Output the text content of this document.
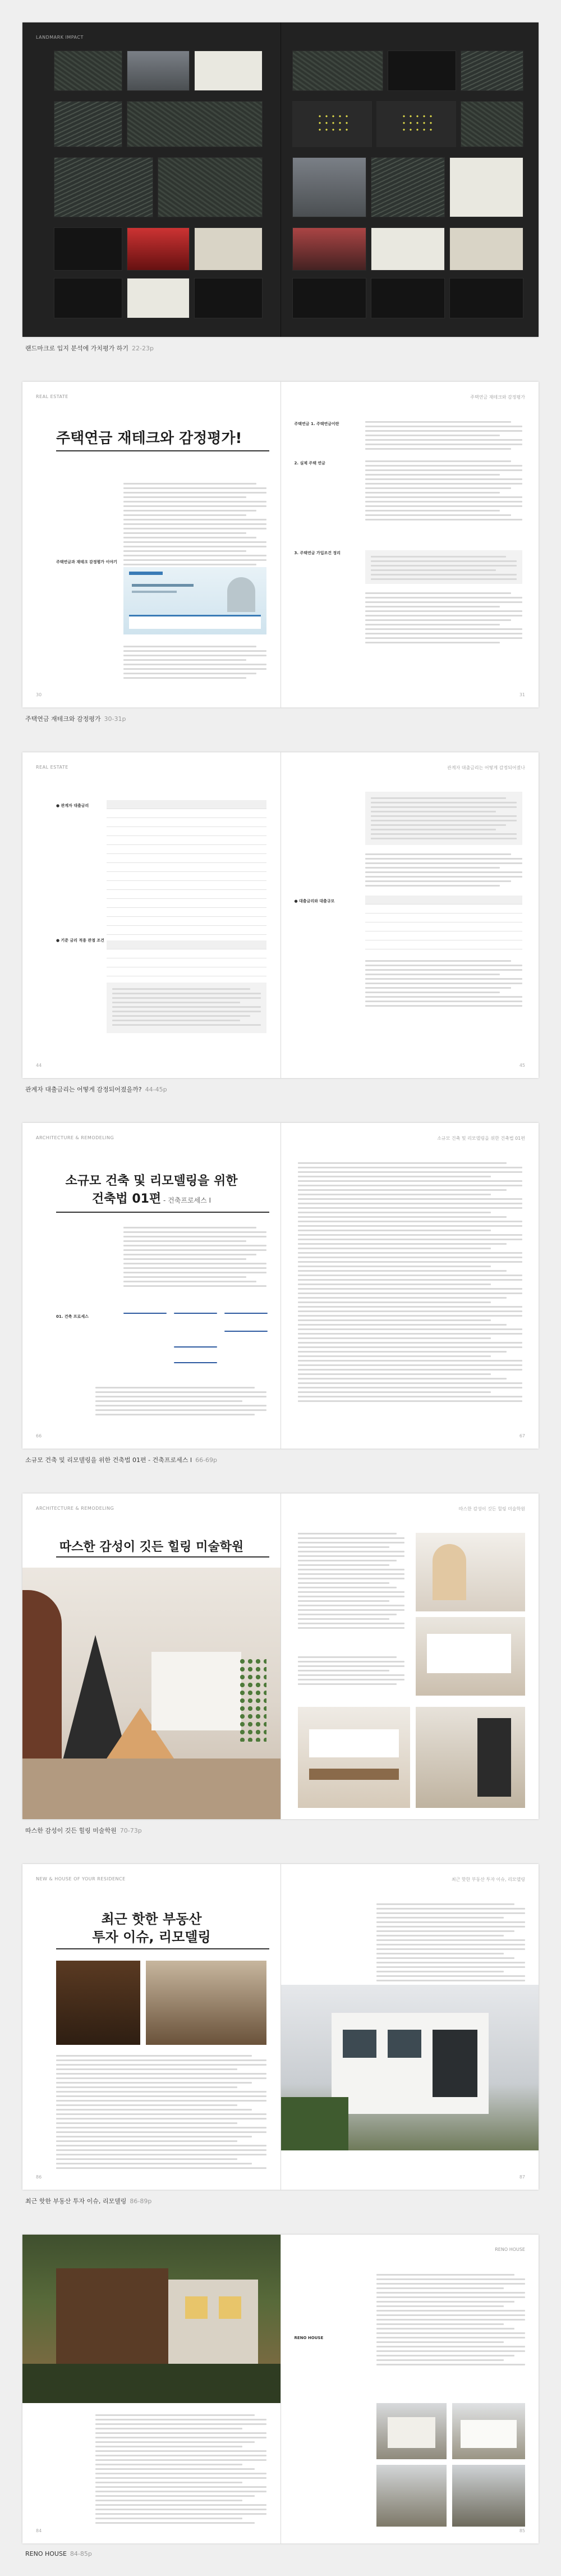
LANDMARK IMPACT
랜드마크로 입지 분석에 가치평가 하기 22-23p
REAL ESTATE
주택연금 재테크와 감정평가!
주택연금과 재테크 감정평가 이야기
30
주택연금 재테크와 감정평가
주택연금 1. 주택연금이란
2. 실제 주택 연금
3. 주택연금 가입조건 정리
31
주택연금 재테크와 감정평가 30-31p
REAL ESTATE
● 관계자 대출금리

● 기준 금리 적용 관점 조건

44
관계자 대출금리는 어떻게 감정되어졌나
● 대출금리와 대출규모

45
관계자 대출금리는 어떻게 감정되어졌을까? 44-45p
ARCHITECTURE & REMODELING
소규모 건축 및 리모델링을 위한
건축법 01편 - 건축프로세스 Ⅰ
01. 건축 프로세스
66
소규모 건축 및 리모델링을 위한 건축법 01편
67
소규모 건축 및 리모델링을 위한 건축법 01편 - 건축프로세스 Ⅰ 66-69p
ARCHITECTURE & REMODELING
따스한 감성이 깃든 힐링 미술학원
따스한 감성이 깃든 힐링 미술학원
따스한 감성이 깃든 힐링 미술학원 70-73p
NEW & HOUSE OF YOUR RESIDENCE
최근 핫한 부동산
투자 이슈, 리모델링
86
최근 핫한 부동산 투자 이슈, 리모델링
87
최근 핫한 부동산 투자 이슈, 리모델링 86-89p
84
RENO HOUSE
RENO HOUSE
85
RENO HOUSE 84-85p
